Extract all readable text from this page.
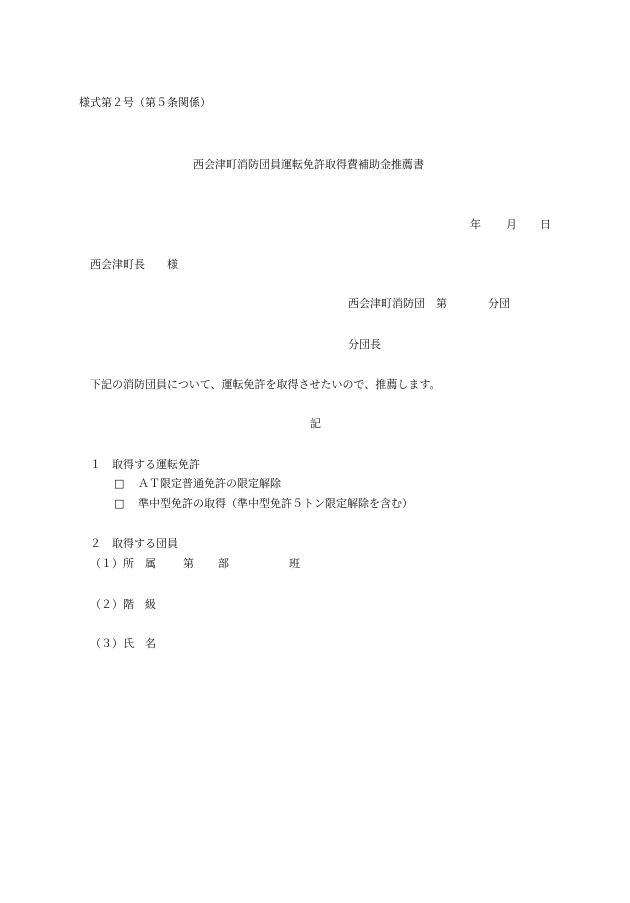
様式第２号（第５条関係）
西会津町消防団員運転免許取得費補助金推薦書
年 月 日
西会津町長　　様
西会津町消防団　第	分団
分団長
下記の消防団員について、運転免許を取得させたいので、推薦します。
記
１　取得する運転免許
□ ＡＴ限定普通免許の限定解除
□ 準中型免許の取得（準中型免許５トン限定解除を含む）
２　取得する団員
（１）所　属 第 部	班
（２）階　級
（３）氏　名
